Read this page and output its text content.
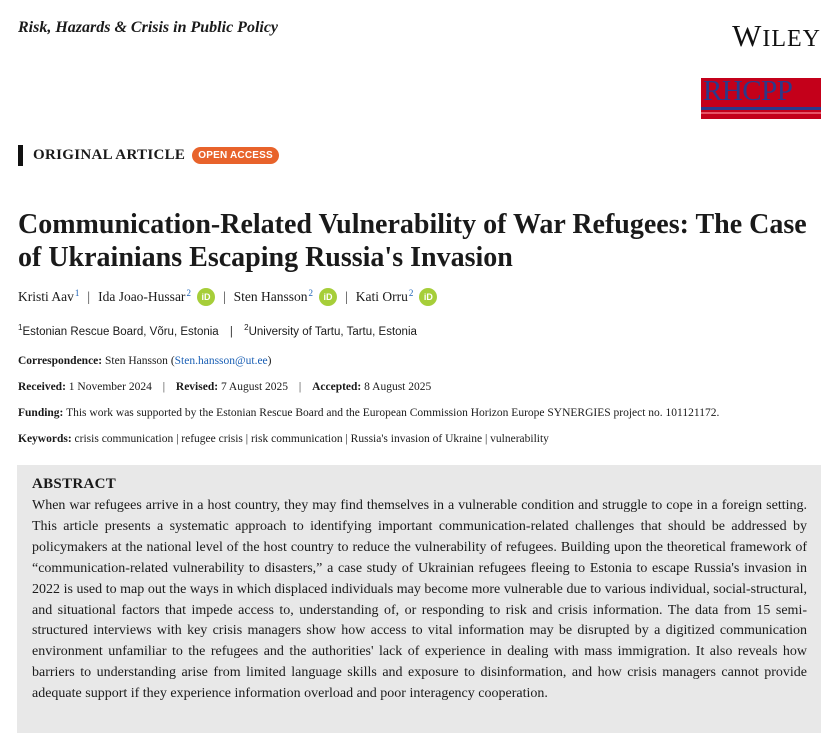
Risk, Hazards & Crisis in Public Policy	WILEY
RHCPP
ORIGINAL ARTICLE	OPEN ACCESS
Communication-Related Vulnerability of War Refugees: The Case of Ukrainians Escaping Russia's Invasion
Kristi Aav$^1$ | Ida Joao-Hussar$^2$	iD | Sten Hansson$^2$	iD | Kati Orru$^2$	iD
$^1$Estonian Rescue Board, Võru, Estonia | $^2$University of Tartu, Tartu, Estonia
Correspondence: Sten Hansson (Sten.hansson@ut.ee)
Received: 1 November 2024 | Revised: 7 August 2025 | Accepted: 8 August 2025
Funding: This work was supported by the Estonian Rescue Board and the European Commission Horizon Europe SYNERGIES project no. 101121172.
Keywords: crisis communication | refugee crisis | risk communication | Russia's invasion of Ukraine | vulnerability
ABSTRACT

When war refugees arrive in a host country, they may find themselves in a vulnerable condition and struggle to cope in a foreign setting. This article presents a systematic approach to identifying important communication-related challenges that should be addressed by policymakers at the national level of the host country to reduce the vulnerability of refugees. Building upon the theoretical framework of “communication-related vulnerability to disasters,” a case study of Ukrainian refugees fleeing to Estonia to escape Russia's invasion in 2022 is used to map out the ways in which displaced individuals may become more vulnerable due to various individual, social-structural, and situational factors that impede access to, understanding of, or responding to risk and crisis information. The data from 15 semi-structured interviews with key crisis managers show how access to vital information may be disrupted by a digitized communication environment unfamiliar to the refugees and the authorities' lack of experience in dealing with mass immigration. It also reveals how barriers to understanding arise from limited language skills and exposure to disinformation, and how crisis managers cannot provide adequate support if they experience information overload and poor interagency cooperation.
